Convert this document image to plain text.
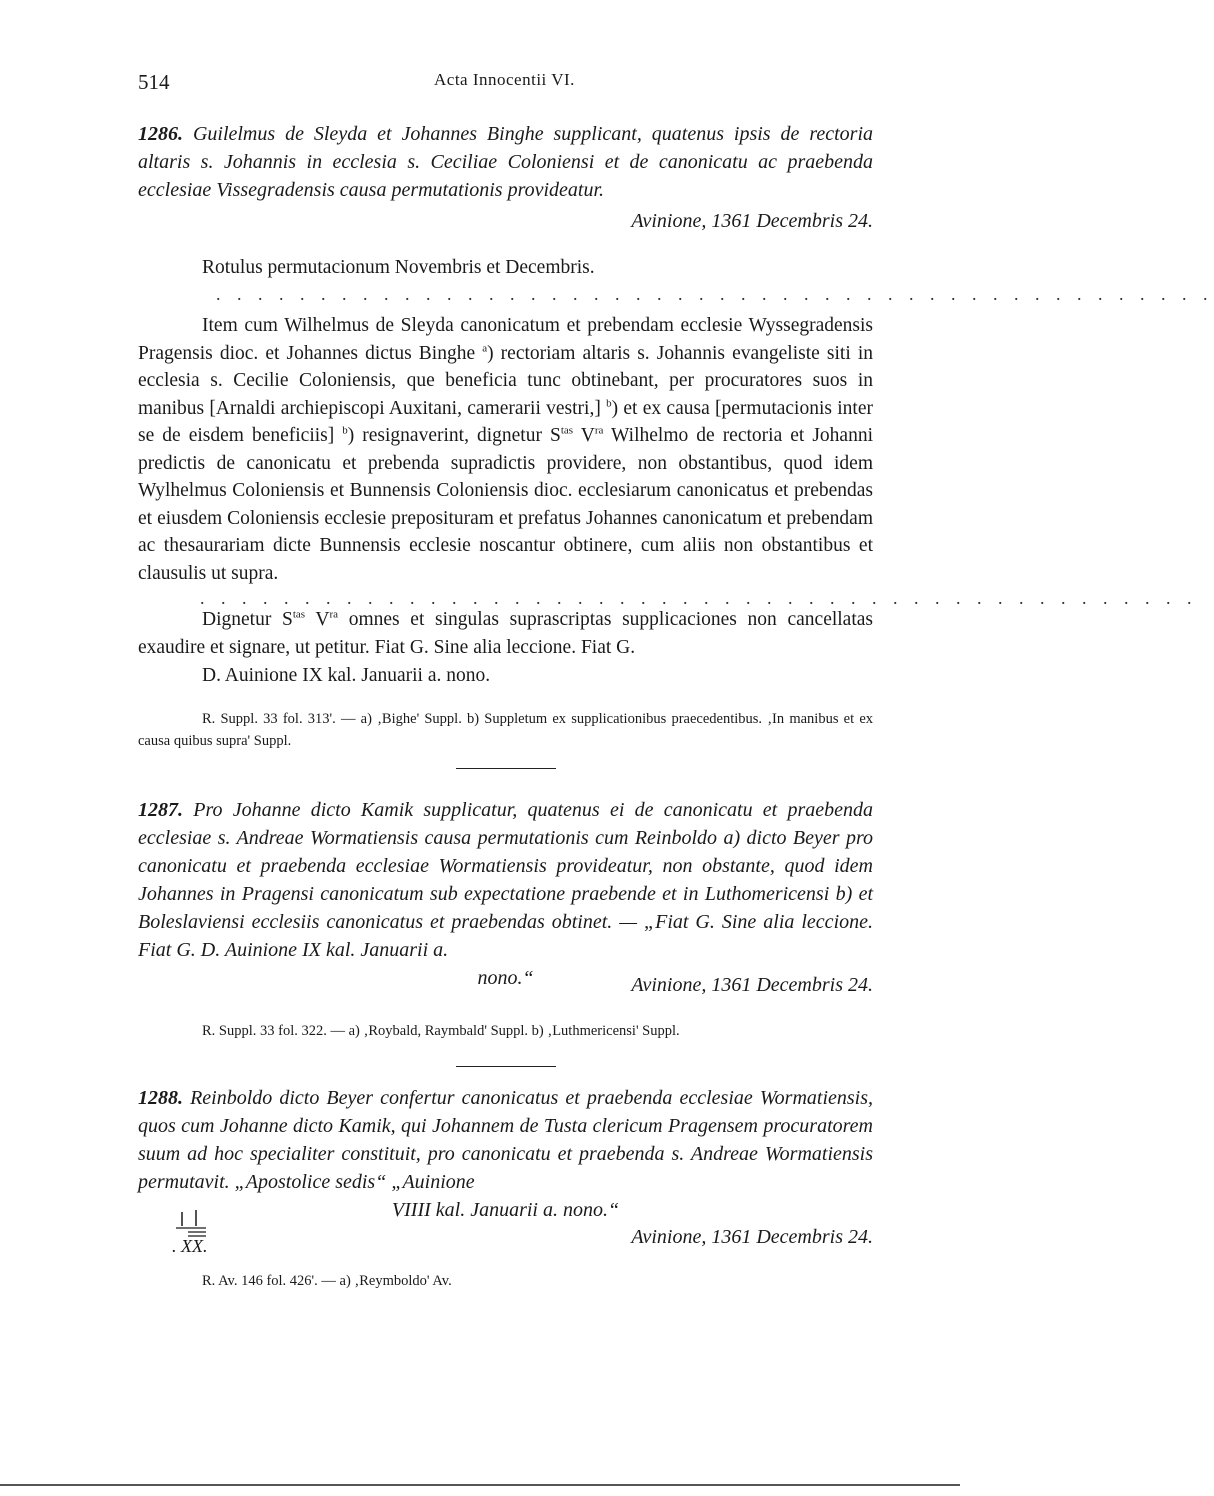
514	Acta Innocentii VI.
1286. Guilelmus de Sleyda et Johannes Binghe supplicant, quatenus ipsis de rectoria altaris s. Johannis in ecclesia s. Ceciliae Coloniensi et de canonicatu ac praebenda ecclesiae Vissegradensis causa permutationis provideatur.
Avinione, 1361 Decembris 24.
Rotulus permutacionum Novembris et Decembris.
. . . . . . . . . . . . . . . . . . . . . . . . . . . . . . . . . . . . . . . . . . . . . . . .
Item cum Wilhelmus de Sleyda canonicatum et prebendam ecclesie Wyssegradensis Pragensis dioc. et Johannes dictus Binghe $^a$) rectoriam altaris s. Johannis evangeliste siti in ecclesia s. Cecilie Coloniensis, que beneficia tunc obtinebant, per procuratores suos in manibus [Arnaldi archiepiscopi Auxitani, camerarii vestri,] $^b$) et ex causa [permutacionis inter se de eisdem beneficiis] $^b$) resignaverint, dignetur $S^{tas}$ $V^{ra}$ Wilhelmo de rectoria et Johanni predictis de canonicatu et prebenda supradictis providere, non obstantibus, quod idem Wylhelmus Coloniensis et Bunnensis Coloniensis dioc. ecclesiarum canonicatus et prebendas et eiusdem Coloniensis ecclesie preposituram et prefatus Johannes canonicatum et prebendam ac thesaurariam dicte Bunnensis ecclesie noscantur obtinere, cum aliis non obstantibus et clausulis ut supra.
. . . . . . . . . . . . . . . . . . . . . . . . . . . . . . . . . . . . . . . . . . . . . . . .
Dignetur $S^{tas}$ $V^{ra}$ omnes et singulas suprascriptas supplicaciones non cancellatas exaudire et signare, ut petitur. Fiat G. Sine alia leccione. Fiat G.
D. Auinione IX kal. Januarii a. nono.
R. Suppl. 33 fol. 313'. — a) ‚Bighe' Suppl. b) Suppletum ex supplicationibus praecedentibus. ‚In manibus et ex causa quibus supra' Suppl.
1287. Pro Johanne dicto Kamik supplicatur, quatenus ei de canonicatu et praebenda ecclesiae s. Andreae Wormatiensis causa permutationis cum Reinboldo a) dicto Beyer pro canonicatu et praebenda ecclesiae Wormatiensis provideatur, non obstante, quod idem Johannes in Pragensi canonicatum sub expectatione praebende et in Luthomericensi b) et Boleslaviensi ecclesiis canonicatus et praebendas obtinet. — „Fiat G. Sine alia leccione. Fiat G. D. Auinione IX kal. Januarii a.
nono.“	Avinione, 1361 Decembris 24.
R. Suppl. 33 fol. 322. — a) ‚Roybald, Raymbald' Suppl. b) ‚Luthmericensi' Suppl.
1288. Reinboldo dicto Beyer confertur canonicatus et praebenda ecclesiae Wormatiensis, quos cum Johanne dicto Kamik, qui Johannem de Tusta clericum Pragensem procuratorem suum ad hoc specialiter constituit, pro canonicatu et praebenda s. Andreae Wormatiensis permutavit. „Apostolice sedis“ „Auinione
VIIII kal. Januarii a. nono.“
. XX.	Avinione, 1361 Decembris 24.
R. Av. 146 fol. 426'. — a) ‚Reymboldo' Av.
